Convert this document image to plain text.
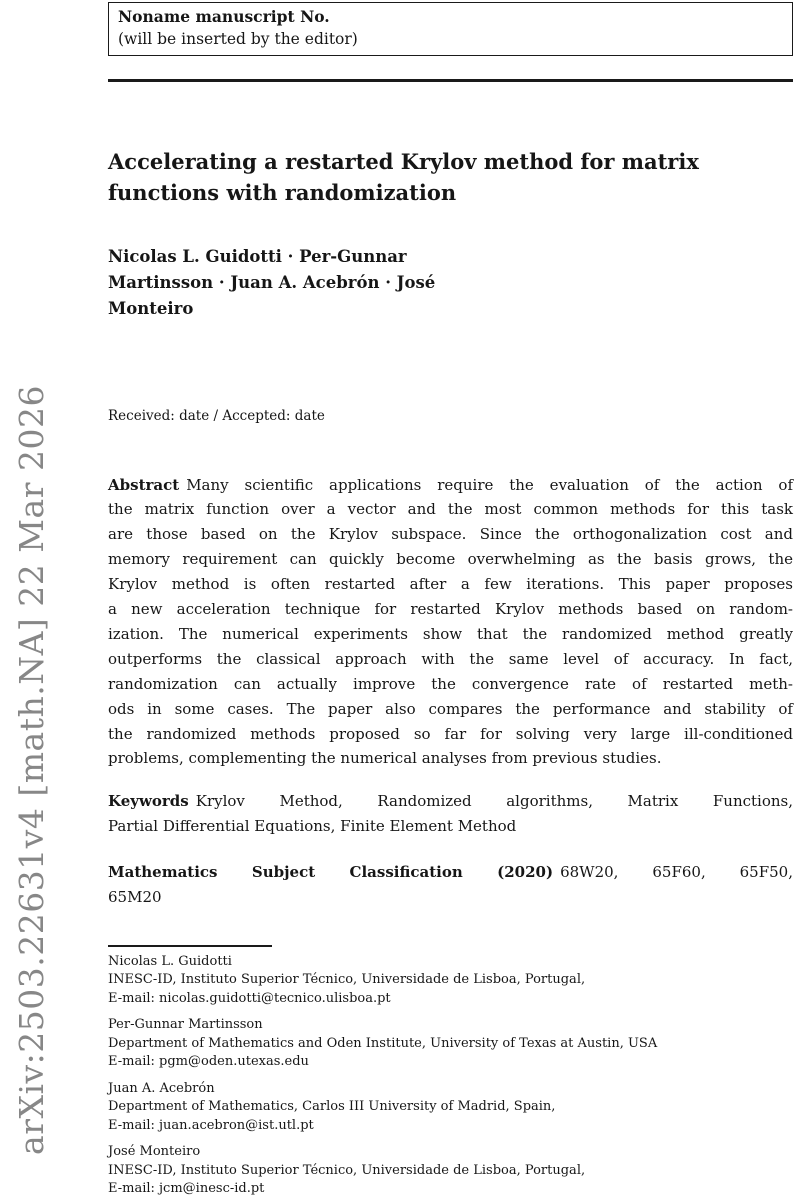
arXiv:2503.22631v4 [math.NA] 22 Mar 2026
Noname manuscript No.
(will be inserted by the editor)
Accelerating a restarted Krylov method for matrix
functions with randomization
Nicolas L. Guidotti · Per-Gunnar
Martinsson · Juan A. Acebrón · José
Monteiro
Received: date / Accepted: date
Abstract Many scientific applications require the evaluation of the action of
the matrix function over a vector and the most common methods for this task
are those based on the Krylov subspace. Since the orthogonalization cost and
memory requirement can quickly become overwhelming as the basis grows, the
Krylov method is often restarted after a few iterations. This paper proposes
a new acceleration technique for restarted Krylov methods based on random-
ization. The numerical experiments show that the randomized method greatly
outperforms the classical approach with the same level of accuracy. In fact,
randomization can actually improve the convergence rate of restarted meth-
ods in some cases. The paper also compares the performance and stability of
the randomized methods proposed so far for solving very large ill-conditioned
problems, complementing the numerical analyses from previous studies.
Keywords Krylov Method, Randomized algorithms, Matrix Functions,
Partial Differential Equations, Finite Element Method
Mathematics Subject Classification (2020) 68W20, 65F60, 65F50,
65M20
Nicolas L. Guidotti
INESC-ID, Instituto Superior Técnico, Universidade de Lisboa, Portugal,
E-mail: nicolas.guidotti@tecnico.ulisboa.pt
Per-Gunnar Martinsson
Department of Mathematics and Oden Institute, University of Texas at Austin, USA
E-mail: pgm@oden.utexas.edu
Juan A. Acebrón
Department of Mathematics, Carlos III University of Madrid, Spain,
E-mail: juan.acebron@ist.utl.pt
José Monteiro
INESC-ID, Instituto Superior Técnico, Universidade de Lisboa, Portugal,
E-mail: jcm@inesc-id.pt
